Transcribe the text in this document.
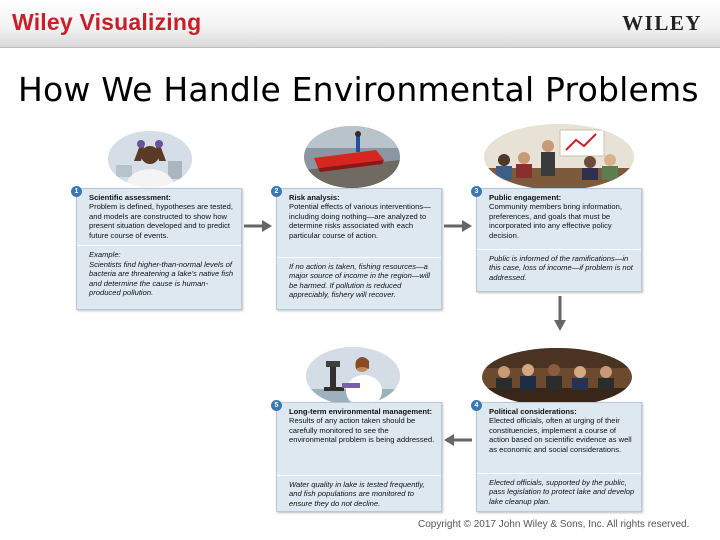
Wiley Visualizing	WILEY
How We Handle Environmental Problems
Scientific assessment:
Problem is defined, hypotheses are tested, and models are constructed to show how present situation developed and to predict future course of events.
Example:
Scientists find higher-than-normal levels of bacteria are threatening a lake's native fish and determine the cause is human-produced pollution.
1
Risk analysis:
Potential effects of various interventions—including doing nothing—are analyzed to determine risks associated with each particular course of action.
If no action is taken, fishing resources—a major source of income in the region—will be harmed. If pollution is reduced appreciably, fishery will recover.
2
Public engagement:
Community members bring information, preferences, and goals that must be incorporated into any effective policy decision.
Public is informed of the ramifications—in this case, loss of income—if problem is not addressed.
3
Political considerations:
Elected officials, often at urging of their constituencies, implement a course of action based on scientific evidence as well as economic and social considerations.
Elected officials, supported by the public, pass legislation to protect lake and develop lake cleanup plan.
4
Long-term environmental management:
Results of any action taken should be carefully monitored to see the environmental problem is being addressed.
Water quality in lake is tested frequently, and fish populations are monitored to ensure they do not decline.
5
Copyright © 2017 John Wiley & Sons, Inc. All rights reserved.
